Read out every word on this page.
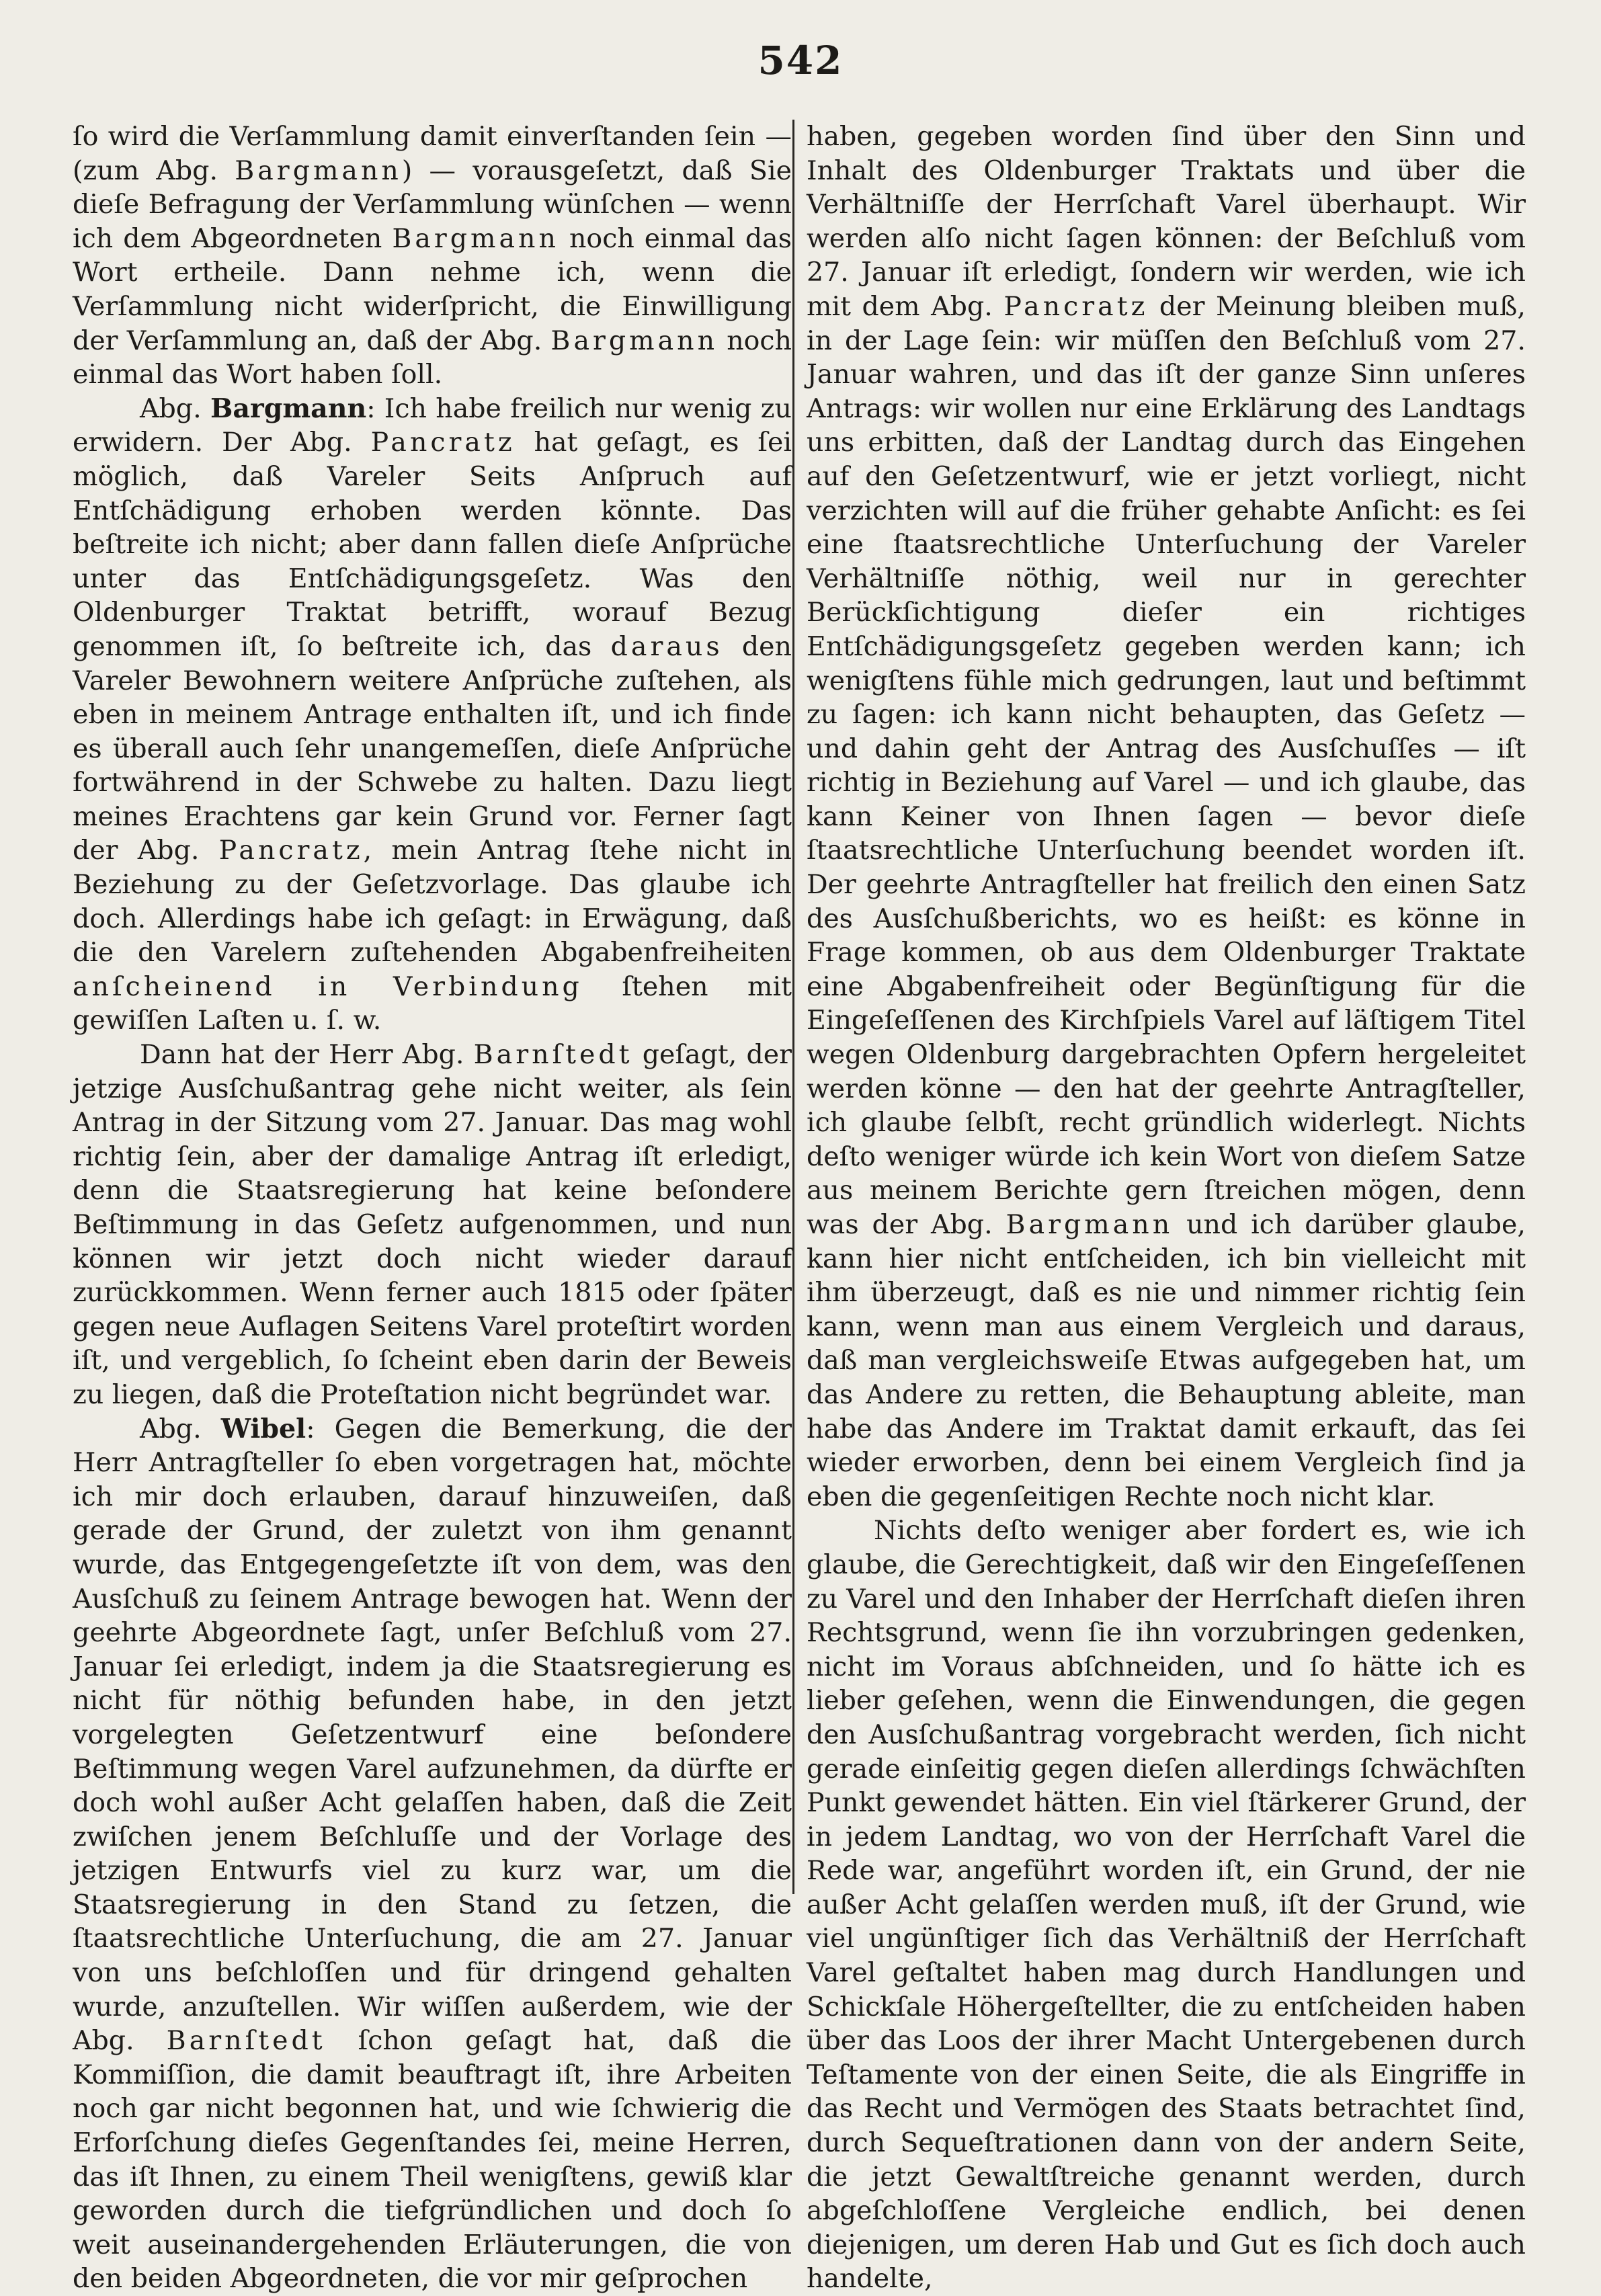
542

ſo wird die Verſammlung damit einverſtanden ſein — (zum Abg. Bargmann) — vorausgeſetzt, daß Sie dieſe Befragung der Verſammlung wünſchen — wenn ich dem Abgeordneten Bargmann noch einmal das Wort ertheile. Dann nehme ich, wenn die Verſammlung nicht widerſpricht, die Einwilligung der Verſammlung an, daß der Abg. Bargmann noch einmal das Wort haben ſoll.

Abg. Bargmann: Ich habe freilich nur wenig zu erwidern. Der Abg. Pancratz hat geſagt, es ſei möglich, daß Vareler Seits Anſpruch auf Entſchädigung erhoben werden könnte. Das beſtreite ich nicht; aber dann fallen dieſe Anſprüche unter das Entſchädigungsgeſetz. Was den Oldenburger Traktat betrifft, worauf Bezug genommen iſt, ſo beſtreite ich, das daraus den Vareler Bewohnern weitere Anſprüche zuſtehen, als eben in meinem Antrage enthalten iſt, und ich finde es überall auch ſehr unangemeſſen, dieſe Anſprüche fortwährend in der Schwebe zu halten. Dazu liegt meines Erachtens gar kein Grund vor. Ferner ſagt der Abg. Pancratz, mein Antrag ſtehe nicht in Beziehung zu der Geſetzvorlage. Das glaube ich doch. Allerdings habe ich geſagt: in Erwägung, daß die den Varelern zuſtehenden Abgabenfreiheiten anſcheinend in Verbindung ſtehen mit gewiſſen Laſten u. ſ. w.

Dann hat der Herr Abg. Barnſtedt geſagt, der jetzige Ausſchußantrag gehe nicht weiter, als ſein Antrag in der Sitzung vom 27. Januar. Das mag wohl richtig ſein, aber der damalige Antrag iſt erledigt, denn die Staatsregierung hat keine beſondere Beſtimmung in das Geſetz aufgenommen, und nun können wir jetzt doch nicht wieder darauf zurückkommen. Wenn ferner auch 1815 oder ſpäter gegen neue Auflagen Seitens Varel proteſtirt worden iſt, und vergeblich, ſo ſcheint eben darin der Beweis zu liegen, daß die Proteſtation nicht begründet war.

Abg. Wibel: Gegen die Bemerkung, die der Herr Antragſteller ſo eben vorgetragen hat, möchte ich mir doch erlauben, darauf hinzuweiſen, daß gerade der Grund, der zuletzt von ihm genannt wurde, das Entgegengeſetzte iſt von dem, was den Ausſchuß zu ſeinem Antrage bewogen hat. Wenn der geehrte Abgeordnete ſagt, unſer Beſchluß vom 27. Januar ſei erledigt, indem ja die Staatsregierung es nicht für nöthig befunden habe, in den jetzt vorgelegten Geſetzentwurf eine beſondere Beſtimmung wegen Varel aufzunehmen, da dürfte er doch wohl außer Acht gelaſſen haben, daß die Zeit zwiſchen jenem Beſchluſſe und der Vorlage des jetzigen Entwurfs viel zu kurz war, um die Staatsregierung in den Stand zu ſetzen, die ſtaatsrechtliche Unterſuchung, die am 27. Januar von uns beſchloſſen und für dringend gehalten wurde, anzuſtellen. Wir wiſſen außerdem, wie der Abg. Barnſtedt ſchon geſagt hat, daß die Kommiſſion, die damit beauftragt iſt, ihre Arbeiten noch gar nicht begonnen hat, und wie ſchwierig die Erforſchung dieſes Gegenſtandes ſei, meine Herren, das iſt Ihnen, zu einem Theil wenigſtens, gewiß klar geworden durch die tiefgründlichen und doch ſo weit auseinandergehenden Erläuterungen, die von den beiden Abgeordneten, die vor mir geſprochen

haben, gegeben worden ſind über den Sinn und Inhalt des Oldenburger Traktats und über die Verhältniſſe der Herrſchaft Varel überhaupt. Wir werden alſo nicht ſagen können: der Beſchluß vom 27. Januar iſt erledigt, ſondern wir werden, wie ich mit dem Abg. Pancratz der Meinung bleiben muß, in der Lage ſein: wir müſſen den Beſchluß vom 27. Januar wahren, und das iſt der ganze Sinn unſeres Antrags: wir wollen nur eine Erklärung des Landtags uns erbitten, daß der Landtag durch das Eingehen auf den Geſetzentwurf, wie er jetzt vorliegt, nicht verzichten will auf die früher gehabte Anſicht: es ſei eine ſtaatsrechtliche Unterſuchung der Vareler Verhältniſſe nöthig, weil nur in gerechter Berückſichtigung dieſer ein richtiges Entſchädigungsgeſetz gegeben werden kann; ich wenigſtens fühle mich gedrungen, laut und beſtimmt zu ſagen: ich kann nicht behaupten, das Geſetz — und dahin geht der Antrag des Ausſchuſſes — iſt richtig in Beziehung auf Varel — und ich glaube, das kann Keiner von Ihnen ſagen — bevor dieſe ſtaatsrechtliche Unterſuchung beendet worden iſt. Der geehrte Antragſteller hat freilich den einen Satz des Ausſchußberichts, wo es heißt: es könne in Frage kommen, ob aus dem Oldenburger Traktate eine Abgabenfreiheit oder Begünſtigung für die Eingeſeſſenen des Kirchſpiels Varel auf läſtigem Titel wegen Oldenburg dargebrachten Opfern hergeleitet werden könne — den hat der geehrte Antragſteller, ich glaube ſelbſt, recht gründlich widerlegt. Nichts deſto weniger würde ich kein Wort von dieſem Satze aus meinem Berichte gern ſtreichen mögen, denn was der Abg. Bargmann und ich darüber glaube, kann hier nicht entſcheiden, ich bin vielleicht mit ihm überzeugt, daß es nie und nimmer richtig ſein kann, wenn man aus einem Vergleich und daraus, daß man vergleichsweiſe Etwas aufgegeben hat, um das Andere zu retten, die Behauptung ableite, man habe das Andere im Traktat damit erkauft, das ſei wieder erworben, denn bei einem Vergleich ſind ja eben die gegenſeitigen Rechte noch nicht klar.

Nichts deſto weniger aber fordert es, wie ich glaube, die Gerechtigkeit, daß wir den Eingeſeſſenen zu Varel und den Inhaber der Herrſchaft dieſen ihren Rechtsgrund, wenn ſie ihn vorzubringen gedenken, nicht im Voraus abſchneiden, und ſo hätte ich es lieber geſehen, wenn die Einwendungen, die gegen den Ausſchußantrag vorgebracht werden, ſich nicht gerade einſeitig gegen dieſen allerdings ſchwächſten Punkt gewendet hätten. Ein viel ſtärkerer Grund, der in jedem Landtag, wo von der Herrſchaft Varel die Rede war, angeführt worden iſt, ein Grund, der nie außer Acht gelaſſen werden muß, iſt der Grund, wie viel ungünſtiger ſich das Verhältniß der Herrſchaft Varel geſtaltet haben mag durch Handlungen und Schickſale Höhergeſtellter, die zu entſcheiden haben über das Loos der ihrer Macht Untergebenen durch Teſtamente von der einen Seite, die als Eingriffe in das Recht und Vermögen des Staats betrachtet ſind, durch Sequeſtrationen dann von der andern Seite, die jetzt Gewaltſtreiche genannt werden, durch abgeſchloſſene Vergleiche endlich, bei denen diejenigen, um deren Hab und Gut es ſich doch auch handelte,
